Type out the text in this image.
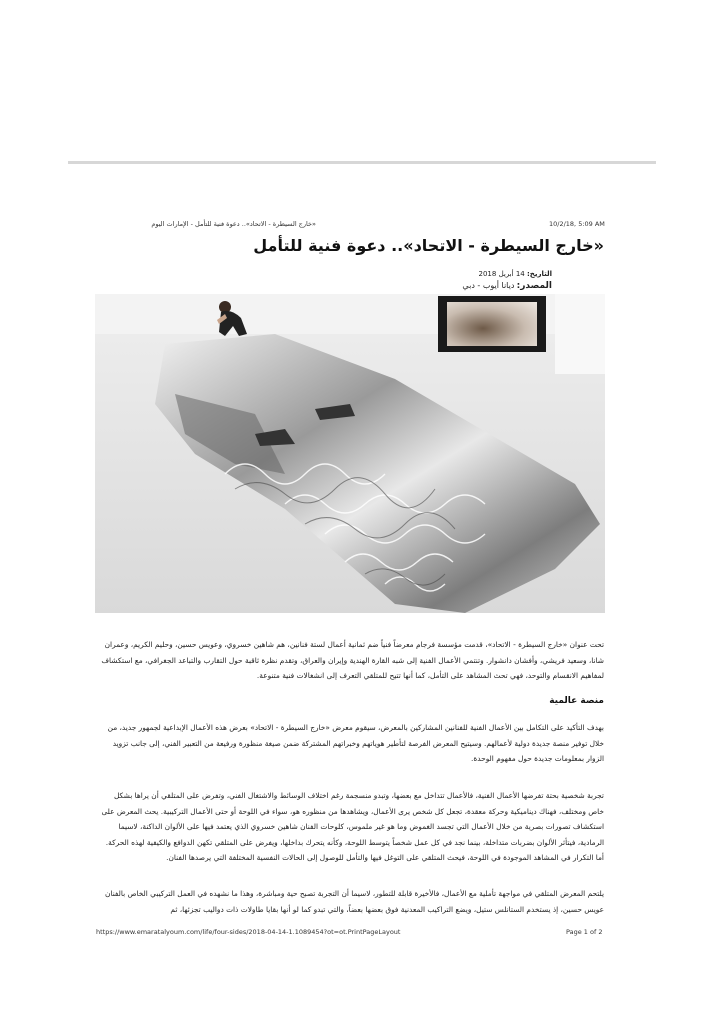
10/2/18, 5:09 AM
«خارج السيطرة - الاتحاد».. دعوة فنية للتأمل - الإمارات اليوم
«خارج السيطرة - الاتحاد».. دعوة فنية للتأمل
التاريخ: 14 أبريل 2018
المصدر: ديانا أيوب - دبي
تحت عنوان «خارج السيطرة - الاتحاد»، قدمت مؤسسة فرجام معرضاً فنياً ضم ثمانية أعمال لستة فنانين، هم شاهين خسروي، وعويس حسين، وحليم الكريم، وعمران شانا، وسعيد فريشي، وأفشان دانشوار. وتنتمي الأعمال الفنية إلى شبه القارة الهندية وإيران والعراق، وتقدم نظرة ثاقبة حول التقارب والتباعد الجغرافي، مع استكشاف لمفاهيم الانقسام والتوحد، فهي تحث المشاهد على التأمل، كما أنها تتيح للمتلقي التعرف إلى انشغالات فنية متنوعة.
منصة عالمية
بهدف التأكيد على التكامل بين الأعمال الفنية للفنانين المشاركين بالمعرض، سيقوم معرض «خارج السيطرة - الاتحاد» بعرض هذه الأعمال الإبداعية لجمهور جديد، من خلال توفير منصة جديدة دولية لأعمالهم. وسيتيح المعرض الفرصة لتأطير هوياتهم وخبراتهم المشتركة ضمن صيغة منظورة ورفيعة من التعبير الفني، إلى جانب تزويد الزوار بمعلومات جديدة حول مفهوم الوحدة.
تجربة شخصية بحتة تفرضها الأعمال الفنية، فالأعمال تتداخل مع بعضها، وتبدو منسجمة رغم اختلاف الوسائط والاشتغال الفني، وتفرض على المتلقي أن يراها بشكل خاص ومختلف، فهناك ديناميكية وحركة معقدة، تجعل كل شخص يرى الأعمال، ويشاهدها من منظوره هو، سواء في اللوحة أو حتى الأعمال التركيبية. يحث المعرض على استكشاف تصورات بصرية من خلال الأعمال التي تجسد الغموض وما هو غير ملموس، كلوحات الفنان شاهين خسروي الذي يعتمد فيها على الألوان الداكنة، لاسيما الرمادية، فيتأثر الألوان بضربات متداخلة، بينما نجد في كل عمل شخصاً يتوسط اللوحة، وكأنه يتحرك بداخلها، ويفرض على المتلقي تكهن الدوافع والكيفية لهذه الحركة. أما التكرار في المشاهد الموجودة في اللوحة، فيحث المتلقي على التوغل فيها والتأمل للوصول إلى الحالات النفسية المختلفة التي يرصدها الفنان.
يلتحم المعرض المتلقي في مواجهة تأملية مع الأعمال، فالأخيرة قابلة للتطور، لاسيما أن التجربة تصبح حية ومباشرة، وهذا ما نشهده في العمل التركيبي الخاص بالفنان عويس حسين، إذ يستخدم الستانلس ستيل، ويضع التراكيب المعدنية فوق بعضها بعضاً، والتي تبدو كما لو أنها بقايا طاولات ذات دواليب تجزئها، ثم
https://www.emaratalyoum.com/life/four-sides/2018-04-14-1.1089454?ot=ot.PrintPageLayout	Page 1 of 2
